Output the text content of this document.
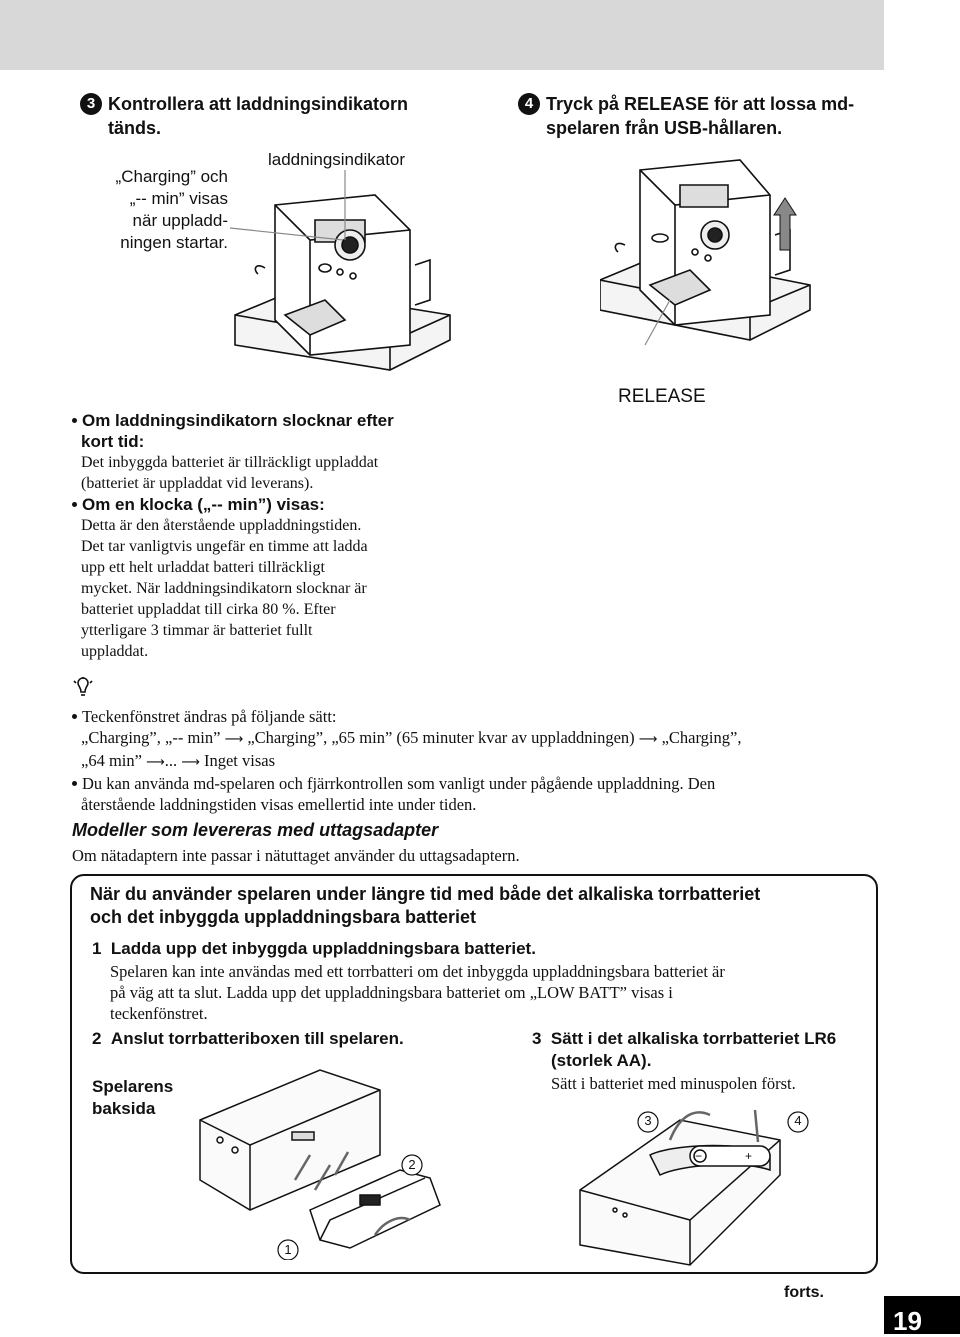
19
3 Kontrollera att laddningsindikatorn
tänds.
„Charging” och
„-- min” visas
när uppladd-
ningen startar.
laddningsindikator
4 Tryck på RELEASE för att lossa md-
spelaren från USB-hållaren.
RELEASE
Om laddningsindikatorn slocknar efter
kort tid:
Det inbyggda batteriet är tillräckligt uppladdat
(batteriet är uppladdat vid leverans).
Om en klocka („-- min”) visas:
Detta är den återstående uppladdningstiden.
Det tar vanligtvis ungefär en timme att ladda
upp ett helt urladdat batteri tillräckligt
mycket. När laddningsindikatorn slocknar är
batteriet uppladdat till cirka 80 %. Efter
ytterligare 3 timmar är batteriet fullt
uppladdat.
Teckenfönstret ändras på följande sätt:
„Charging”, „-- min” ⟶ „Charging”, „65 min” (65 minuter kvar av uppladdningen) ⟶ „Charging”,
„64 min” ⟶... ⟶ Inget visas
Du kan använda md-spelaren och fjärrkontrollen som vanligt under pågående uppladdning. Den
återstående laddningstiden visas emellertid inte under tiden.
Modeller som levereras med uttagsadapter
Om nätadaptern inte passar i nätuttaget använder du uttagsadaptern.
När du använder spelaren under längre tid med både det alkaliska torrbatteriet
och det inbyggda uppladdningsbara batteriet
1 Ladda upp det inbyggda uppladdningsbara batteriet.
Spelaren kan inte användas med ett torrbatteri om det inbyggda uppladdningsbara batteriet är
på väg att ta slut. Ladda upp det uppladdningsbara batteriet om „LOW BATT” visas i
teckenfönstret.
2 Anslut torrbatteriboxen till spelaren.	3 Sätt i det alkaliska torrbatteriet LR6
(storlek AA).
Sätt i batteriet med minuspolen först.
Spelarens
baksida
1
2
−	+
3	4
forts.
